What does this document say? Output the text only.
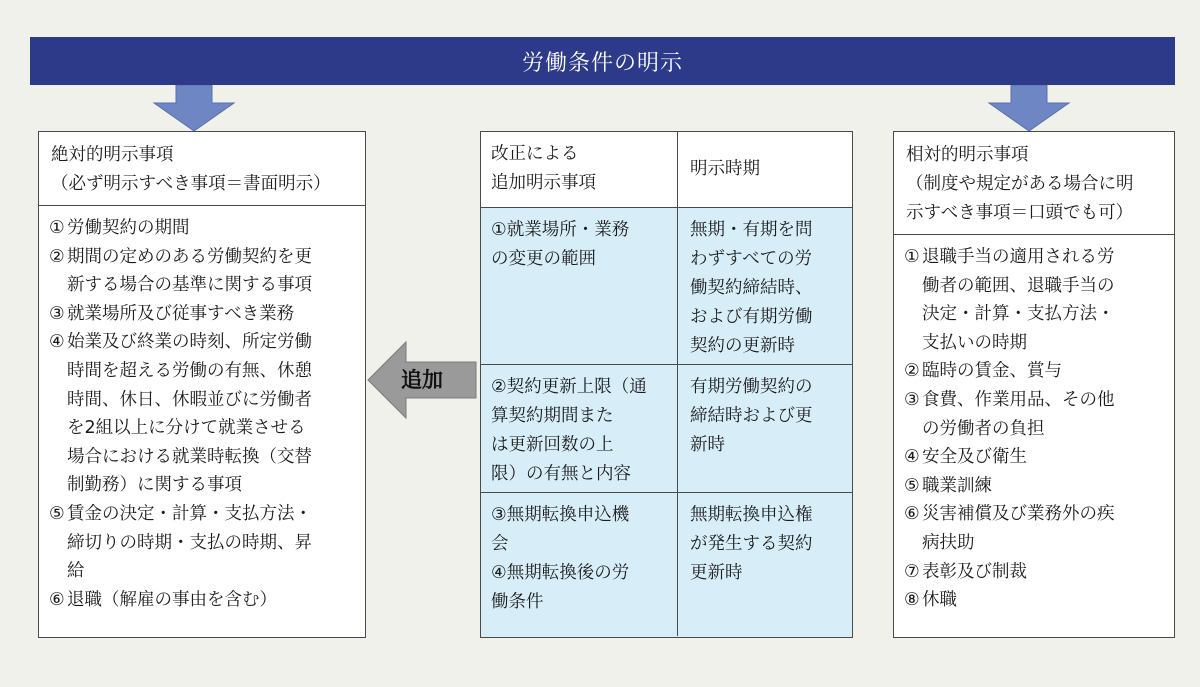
労働条件の明示
絶対的明示事項
（必ず明示すべき事項＝書面明示）
① 労働契約の期間
② 期間の定めのある労働契約を更
新する場合の基準に関する事項
③ 就業場所及び従事すべき業務
④ 始業及び終業の時刻、所定労働
時間を超える労働の有無、休憩
時間、休日、休暇並びに労働者
を2組以上に分けて就業させる
場合における就業時転換（交替
制勤務）に関する事項
⑤ 賃金の決定・計算・支払方法・
締切りの時期・支払の時期、昇
給
⑥ 退職（解雇の事由を含む）
追加
改正による
追加明示事項
明示時期
①就業場所・業務
の変更の範囲
無期・有期を問
わずすべての労
働契約締結時、
および有期労働
契約の更新時
②契約更新上限（通
算契約期間また
は更新回数の上
限）の有無と内容
有期労働契約の
締結時および更
新時
③無期転換申込機
会
④無期転換後の労
働条件
無期転換申込権
が発生する契約
更新時
相対的明示事項
（制度や規定がある場合に明
示すべき事項＝口頭でも可）
① 退職手当の適用される労
働者の範囲、退職手当の
決定・計算・支払方法・
支払いの時期
② 臨時の賃金、賞与
③ 食費、作業用品、その他
の労働者の負担
④ 安全及び衛生
⑤ 職業訓練
⑥ 災害補償及び業務外の疾
病扶助
⑦ 表彰及び制裁
⑧ 休職
